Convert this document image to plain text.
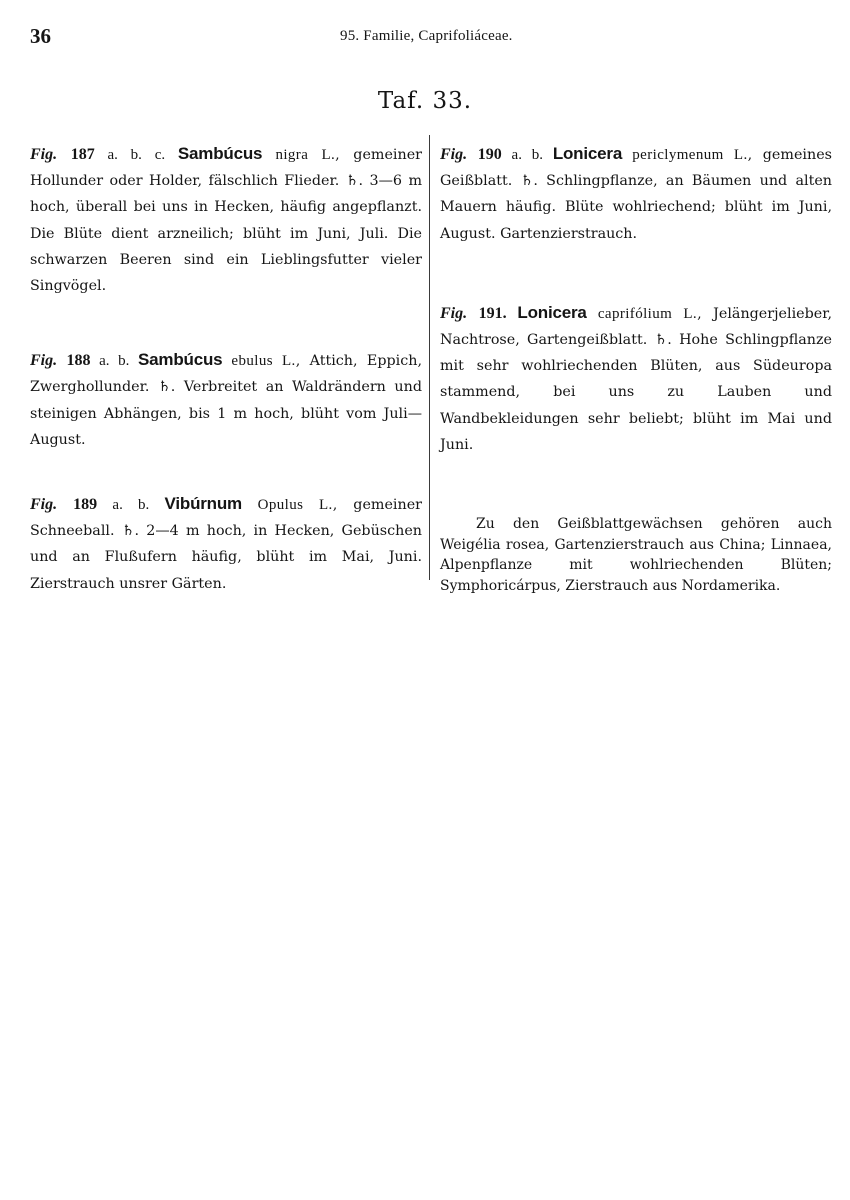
36	95. Familie, Caprifoliáceae.
Taf. 33.

Fig. 187 a. b. c. Sambúcus nigra L., gemeiner Hollunder oder Holder, fälschlich Flieder. ♄. 3—6 m hoch, überall bei uns in Hecken, häufig angepflanzt. Die Blüte dient arzneilich; blüht im Juni, Juli. Die schwarzen Beeren sind ein Lieblingsfutter vieler Singvögel.

Fig. 188 a. b. Sambúcus ebulus L., Attich, Eppich, Zwerghollunder. ♄. Verbreitet an Waldrändern und steinigen Abhängen, bis 1 m hoch, blüht vom Juli—August.

Fig. 189 a. b. Vibúrnum Opulus L., gemeiner Schneeball. ♄. 2—4 m hoch, in Hecken, Gebüschen und an Flußufern häufig, blüht im Mai, Juni. Zierstrauch unsrer Gärten.

Fig. 190 a. b. Lonicera periclymenum L., gemeines Geißblatt. ♄. Schlingpflanze, an Bäumen und alten Mauern häufig. Blüte wohlriechend; blüht im Juni, August. Gartenzierstrauch.

Fig. 191. Lonicera caprifólium L., Jelängerjelieber, Nachtrose, Gartengeißblatt. ♄. Hohe Schlingpflanze mit sehr wohlriechenden Blüten, aus Südeuropa stammend, bei uns zu Lauben und Wandbekleidungen sehr beliebt; blüht im Mai und Juni.

Zu den Geißblattgewächsen gehören auch Weigélia rosea, Gartenzierstrauch aus China; Linnaea, Alpenpflanze mit wohlriechenden Blüten; Symphoricárpus, Zierstrauch aus Nordamerika.
